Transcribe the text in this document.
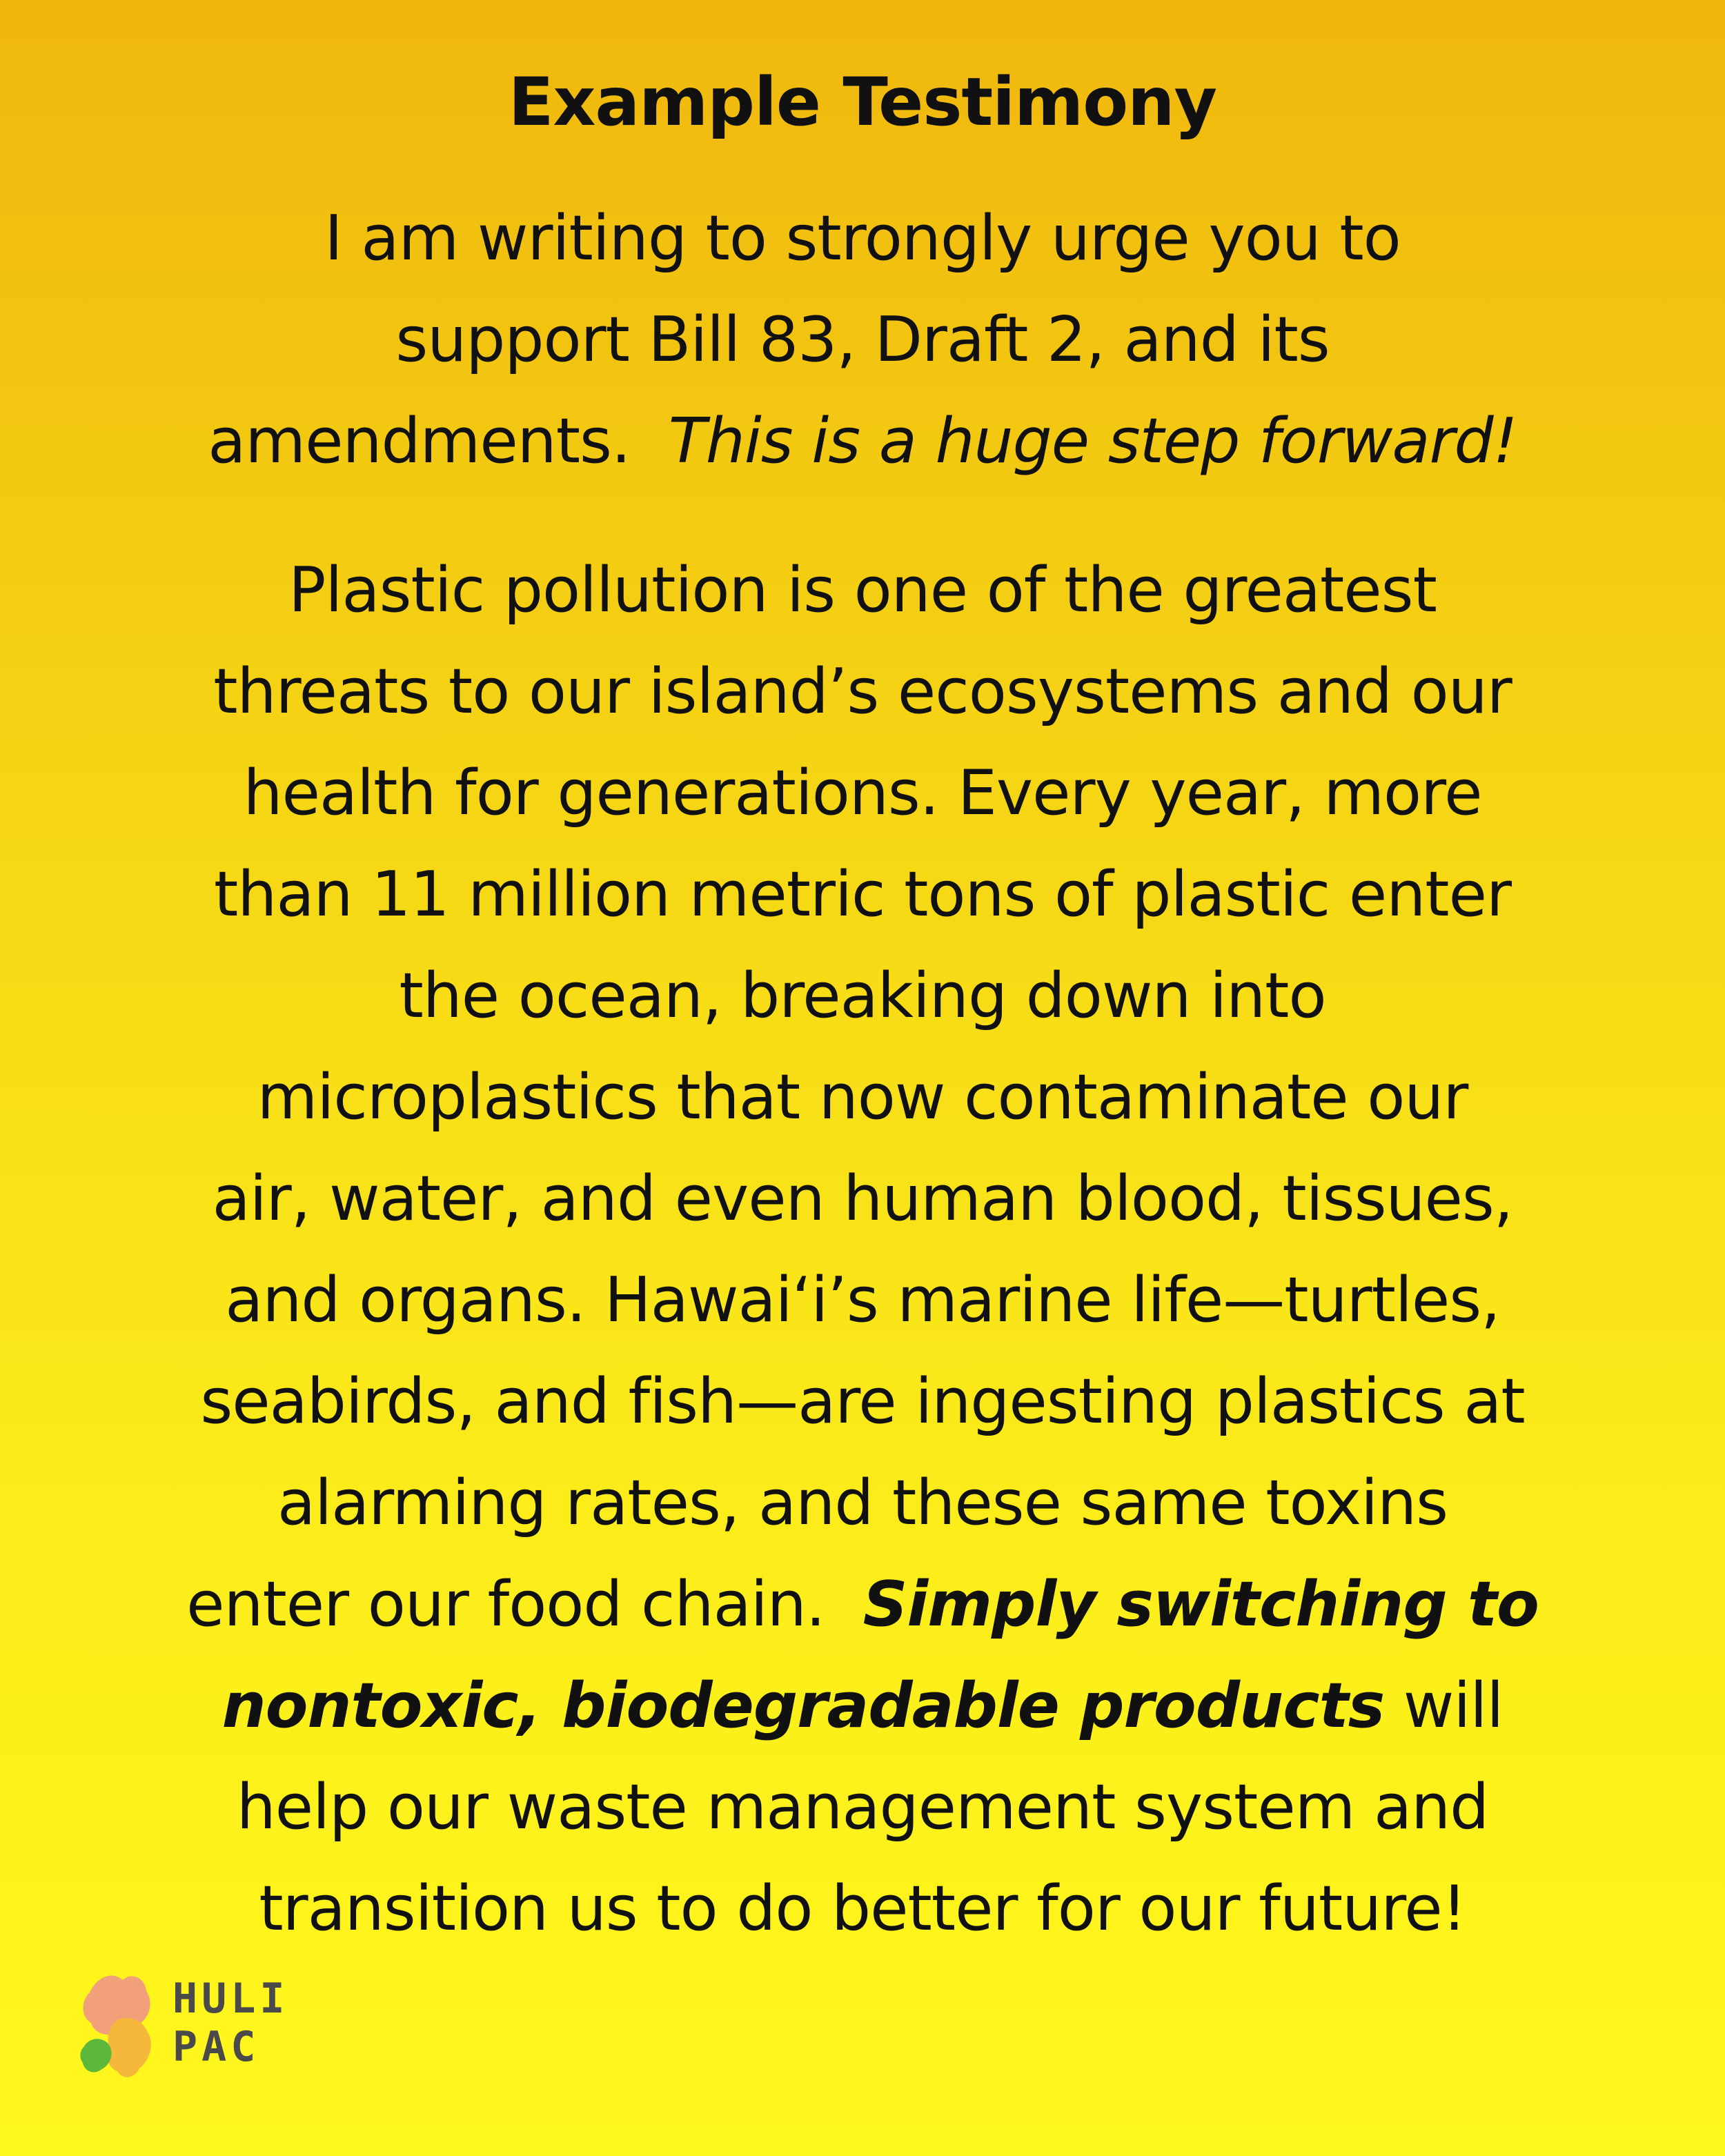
Example Testimony
I am writing to strongly urge you to
support Bill 83, Draft 2, and its
amendments.  This is a huge step forward!
Plastic pollution is one of the greatest
threats to our island’s ecosystems and our
health for generations. Every year, more
than 11 million metric tons of plastic enter
the ocean, breaking down into
microplastics that now contaminate our
air, water, and even human blood, tissues,
and organs. Hawai‘i’s marine life—turtles,
seabirds, and fish—are ingesting plastics at
alarming rates, and these same toxins
enter our food chain.  Simply switching to
nontoxic, biodegradable products will
help our waste management system and
transition us to do better for our future!
HULI
PAC
